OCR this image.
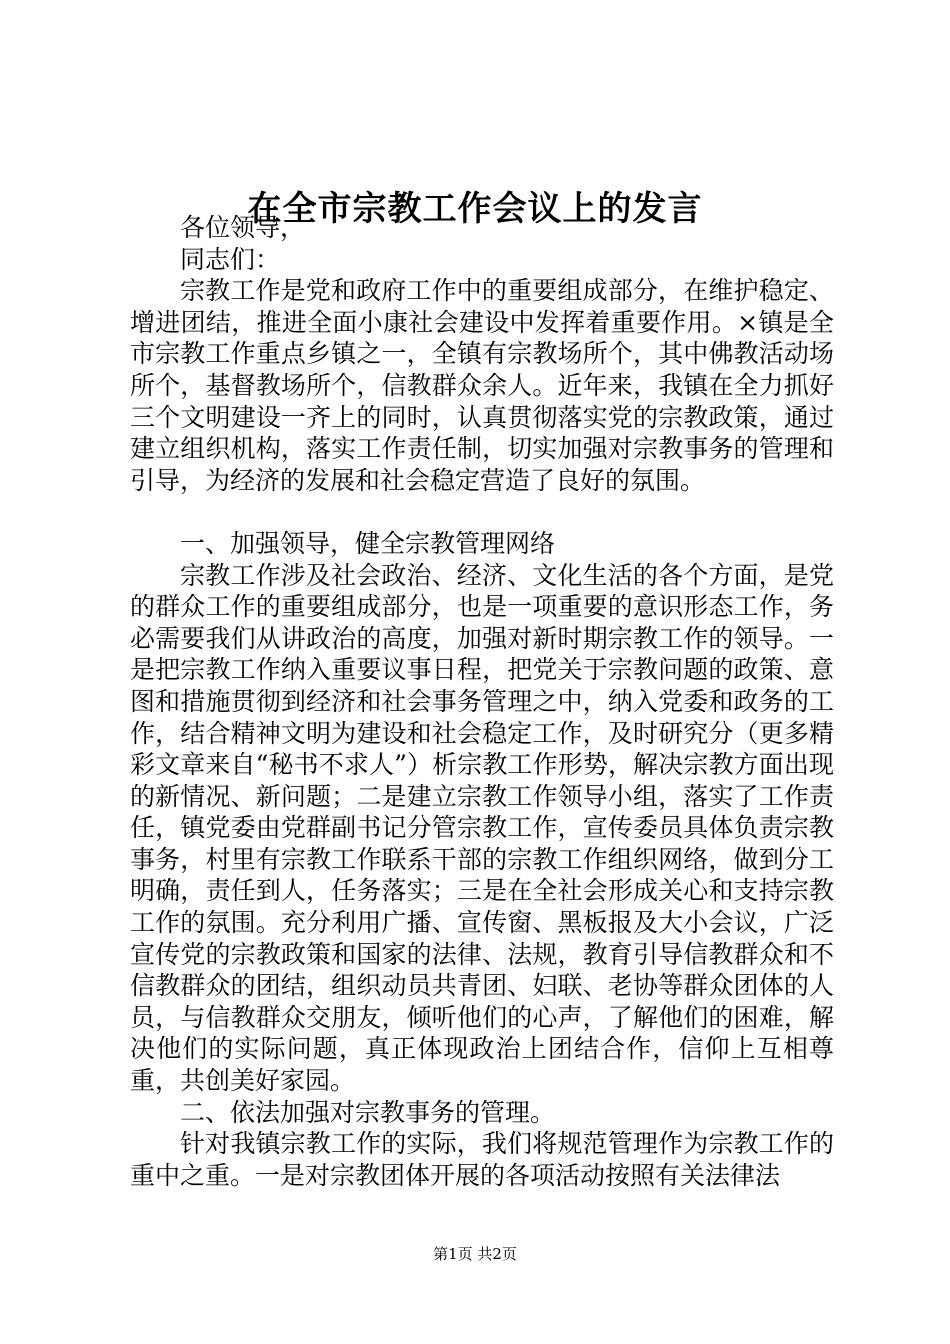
在全市宗教工作会议上的发言

各位领导，

同志们：

宗教工作是党和政府工作中的重要组成部分，在维护稳定、增进团结，推进全面小康社会建设中发挥着重要作用。×镇是全市宗教工作重点乡镇之一，全镇有宗教场所个，其中佛教活动场所个，基督教场所个，信教群众余人。近年来，我镇在全力抓好三个文明建设一齐上的同时，认真贯彻落实党的宗教政策，通过建立组织机构，落实工作责任制，切实加强对宗教事务的管理和引导，为经济的发展和社会稳定营造了良好的氛围。

一、加强领导，健全宗教管理网络

宗教工作涉及社会政治、经济、文化生活的各个方面，是党的群众工作的重要组成部分，也是一项重要的意识形态工作，务必需要我们从讲政治的高度，加强对新时期宗教工作的领导。一是把宗教工作纳入重要议事日程，把党关于宗教问题的政策、意图和措施贯彻到经济和社会事务管理之中，纳入党委和政务的工作，结合精神文明为建设和社会稳定工作，及时研究分（更多精彩文章来自“秘书不求人”）析宗教工作形势，解决宗教方面出现的新情况、新问题；二是建立宗教工作领导小组，落实了工作责任，镇党委由党群副书记分管宗教工作，宣传委员具体负责宗教事务，村里有宗教工作联系干部的宗教工作组织网络，做到分工明确，责任到人，任务落实；三是在全社会形成关心和支持宗教工作的氛围。充分利用广播、宣传窗、黑板报及大小会议，广泛宣传党的宗教政策和国家的法律、法规，教育引导信教群众和不信教群众的团结，组织动员共青团、妇联、老协等群众团体的人员，与信教群众交朋友，倾听他们的心声，了解他们的困难，解决他们的实际问题，真正体现政治上团结合作，信仰上互相尊重，共创美好家园。

二、依法加强对宗教事务的管理。

针对我镇宗教工作的实际，我们将规范管理作为宗教工作的重中之重。一是对宗教团体开展的各项活动按照有关法律法

第1页 共2页
